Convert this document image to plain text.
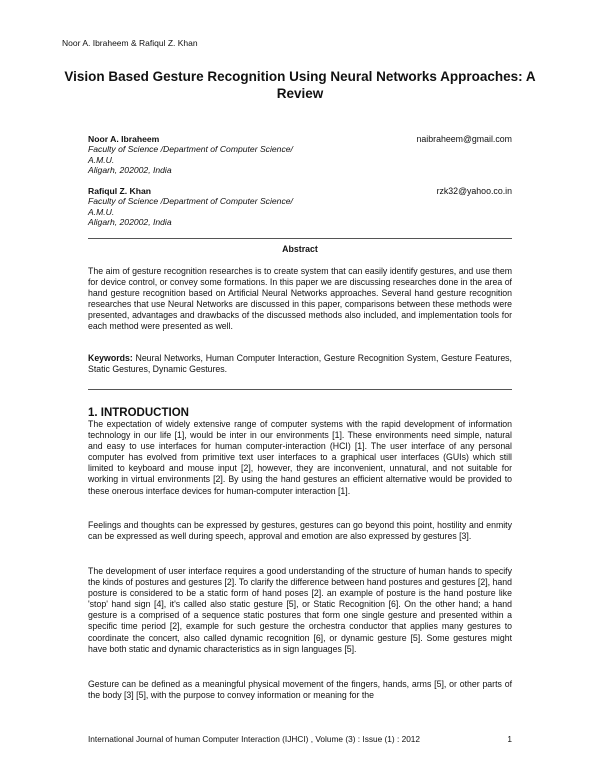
Noor A. Ibraheem & Rafiqul Z. Khan
Vision Based Gesture Recognition Using Neural Networks Approaches: A Review
Noor A. Ibraheem	naibraheem@gmail.com
Faculty of Science /Department of Computer Science/
A.M.U.
Aligarh, 202002, India
Rafiqul Z. Khan	rzk32@yahoo.co.in
Faculty of Science /Department of Computer Science/
A.M.U.
Aligarh, 202002, India
Abstract

The aim of gesture recognition researches is to create system that can easily identify gestures, and use them for device control, or convey some formations. In this paper we are discussing researches done in the area of hand gesture recognition based on Artificial Neural Networks approaches. Several hand gesture recognition researches that use Neural Networks are discussed in this paper, comparisons between these methods were presented, advantages and drawbacks of the discussed methods also included, and implementation tools for each method were presented as well.

Keywords: Neural Networks, Human Computer Interaction, Gesture Recognition System, Gesture Features, Static Gestures, Dynamic Gestures.

1. INTRODUCTION

The expectation of widely extensive range of computer systems with the rapid development of information technology in our life [1], would be inter in our environments [1]. These environments need simple, natural and easy to use interfaces for human computer-interaction (HCI) [1]. The user interface of any personal computer has evolved from primitive text user interfaces to a graphical user interfaces (GUIs) which still limited to keyboard and mouse input [2], however, they are inconvenient, unnatural, and not suitable for working in virtual environments [2]. By using the hand gestures an efficient alternative would be provided to these onerous interface devices for human-computer interaction [1].

Feelings and thoughts can be expressed by gestures, gestures can go beyond this point, hostility and enmity can be expressed as well during speech, approval and emotion are also expressed by gestures [3].

The development of user interface requires a good understanding of the structure of human hands to specify the kinds of postures and gestures [2]. To clarify the difference between hand postures and gestures [2], hand posture is considered to be a static form of hand poses [2]. an example of posture is the hand posture like 'stop' hand sign [4], it's called also static gesture [5], or Static Recognition [6]. On the other hand; a hand gesture is a comprised of a sequence static postures that form one single gesture and presented within a specific time period [2], example for such gesture the orchestra conductor that applies many gestures to coordinate the concert, also called dynamic recognition [6], or dynamic gesture [5]. Some gestures might have both static and dynamic characteristics as in sign languages [5].

Gesture can be defined as a meaningful physical movement of the fingers, hands, arms [5], or other parts of the body [3] [5], with the purpose to convey information or meaning for the

International Journal of human Computer Interaction (IJHCI) , Volume (3) : Issue (1) : 2012	1
